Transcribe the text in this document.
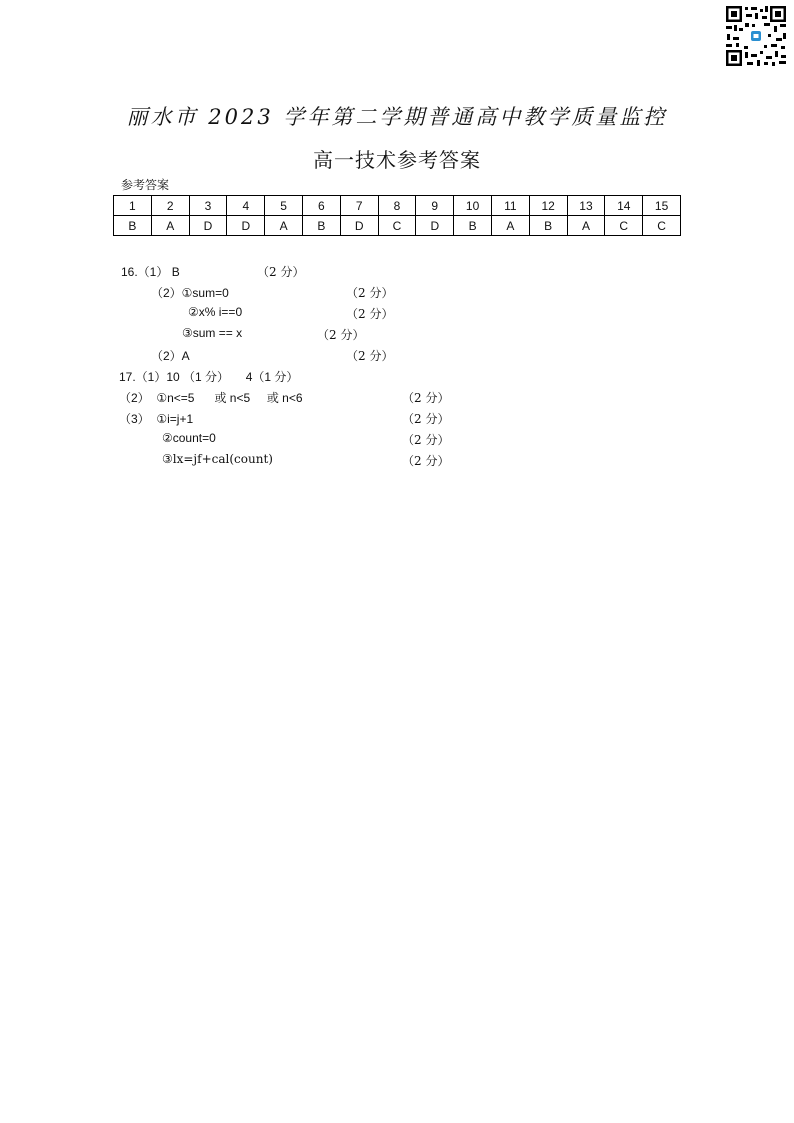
丽水市 2023 学年第二学期普通高中教学质量监控
高一技术参考答案
参考答案
1	2	3	4	5	6	7	8	9	10	11	12	13	14	15
B	A	D	D	A	B	D	C	D	B	A	B	A	C	C
16.（1） B	（2 分）
（2）①sum=0	（2 分）
②x% i==0	（2 分）
③sum == x	（2 分）
（2）A	（2 分）
17.（1）10 （1 分）     4（1 分）
（2）  ①n<=5      或 n<5     或 n<6	（2 分）
（3）  ①i=j+1	（2 分）
②count=0	（2 分）
③lx=jf+cal(count)	（2 分）
